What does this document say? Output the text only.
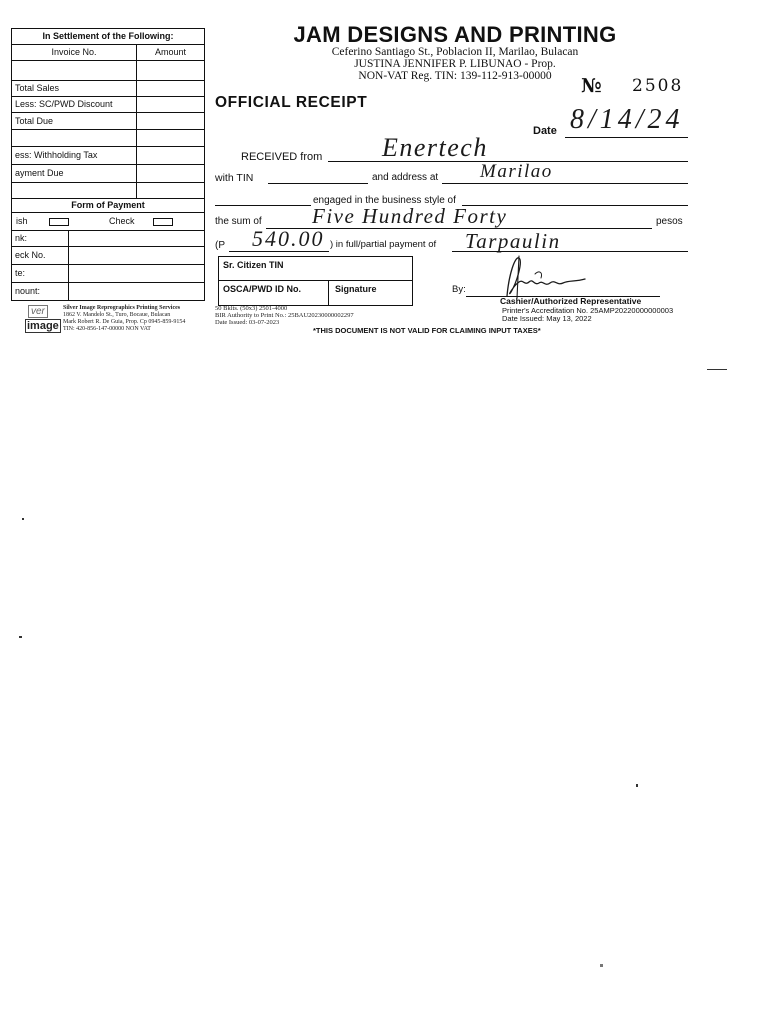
In Settlement of the Following:
Invoice No.	Amount
Total Sales
Less: SC/PWD Discount
Total Due
ess: Withholding Tax
ayment Due
Form of Payment
ish	Check
nk:
eck No.
te:
nount:
ver
image
Silver Image Reprographics Printing Services
1862 V. Mandelo St., Turo, Bocaue, Bulacan
Mark Robert R. De Guia, Prop. Cp 0945-859-9154
TIN: 420-856-147-00000 NON VAT
JAM DESIGNS AND PRINTING
Ceferino Santiago St., Poblacion II, Marilao, Bulacan
JUSTINA JENNIFER P. LIBUNAO - Prop.
NON-VAT Reg. TIN: 139-112-913-00000	№ 2508
OFFICIAL RECEIPT
Date 8/14/24
RECEIVED from Enertech
with TIN	and address at Marilao
engaged in the business style of
the sum of Five Hundred Forty	pesos
(P 540.00 ) in full/partial payment of Tarpaulin
Sr. Citizen TIN
OSCA/PWD ID No.	Signature	By:
Cashier/Authorized Representative
50 Bklts. (50x3) 2501-4000
BIR Authority to Print No.: 25BAU20230000002297
Date Issued: 03-07-2023
Printer's Accreditation No. 25AMP20220000000003
Date Issued: May 13, 2022
*THIS DOCUMENT IS NOT VALID FOR CLAIMING INPUT TAXES*
